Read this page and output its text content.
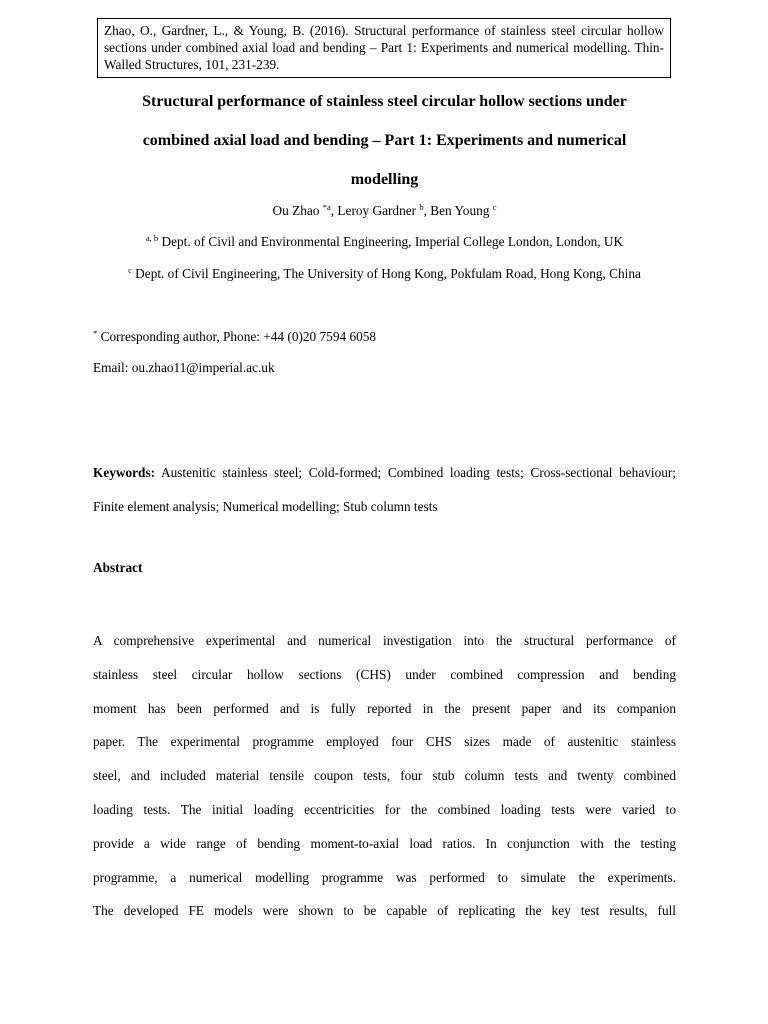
Zhao, O., Gardner, L., & Young, B. (2016). Structural performance of stainless steel circular hollow sections under combined axial load and bending – Part 1: Experiments and numerical modelling. Thin-Walled Structures, 101, 231-239.
Structural performance of stainless steel circular hollow sections under
combined axial load and bending – Part 1: Experiments and numerical
modelling
Ou Zhao $^{*a}$, Leroy Gardner $^b$, Ben Young $^c$
$^{a, b}$ Dept. of Civil and Environmental Engineering, Imperial College London, London, UK
$^c$ Dept. of Civil Engineering, The University of Hong Kong, Pokfulam Road, Hong Kong, China
* Corresponding author, Phone: +44 (0)20 7594 6058
Email: ou.zhao11@imperial.ac.uk
Keywords: Austenitic stainless steel; Cold-formed; Combined loading tests; Cross-sectional behaviour; Finite element analysis; Numerical modelling; Stub column tests
Abstract
A comprehensive experimental and numerical investigation into the structural performance of
stainless steel circular hollow sections (CHS) under combined compression and bending
moment has been performed and is fully reported in the present paper and its companion
paper. The experimental programme employed four CHS sizes made of austenitic stainless
steel, and included material tensile coupon tests, four stub column tests and twenty combined
loading tests. The initial loading eccentricities for the combined loading tests were varied to
provide a wide range of bending moment-to-axial load ratios. In conjunction with the testing
programme, a numerical modelling programme was performed to simulate the experiments.
The developed FE models were shown to be capable of replicating the key test results, full
